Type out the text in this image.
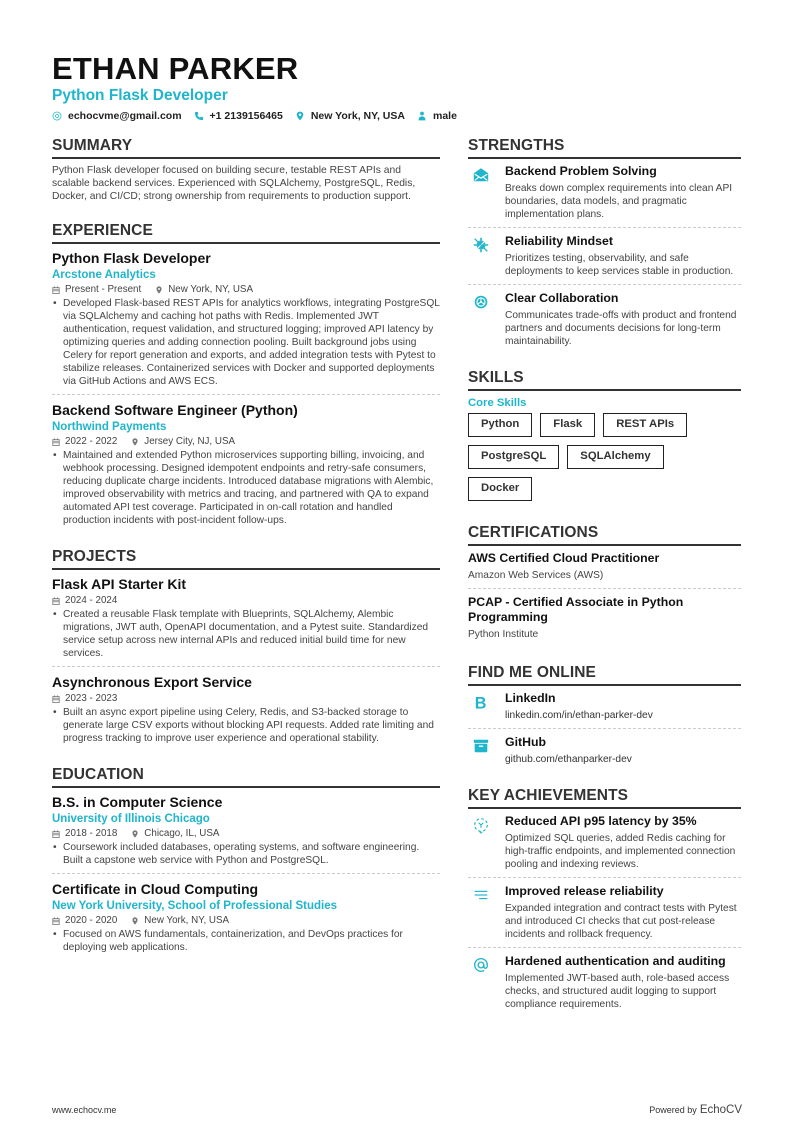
ETHAN PARKER
Python Flask Developer
echocvme@gmail.com	+1 2139156465	New York, NY, USA	male
SUMMARY
Python Flask developer focused on building secure, testable REST APIs and scalable backend services. Experienced with SQLAlchemy, PostgreSQL, Redis, Docker, and CI/CD; strong ownership from requirements to production support.
EXPERIENCE
Python Flask Developer
Arcstone Analytics
Present - Present	New York, NY, USA
• Developed Flask-based REST APIs for analytics workflows, integrating PostgreSQL via SQLAlchemy and caching hot paths with Redis. Implemented JWT authentication, request validation, and structured logging; improved API latency by optimizing queries and adding connection pooling. Built background jobs using Celery for report generation and exports, and added integration tests with Pytest to stabilize releases. Containerized services with Docker and supported deployments via GitHub Actions and AWS ECS.
Backend Software Engineer (Python)
Northwind Payments
2022 - 2022	Jersey City, NJ, USA
• Maintained and extended Python microservices supporting billing, invoicing, and webhook processing. Designed idempotent endpoints and retry-safe consumers, reducing duplicate charge incidents. Introduced database migrations with Alembic, improved observability with metrics and tracing, and partnered with QA to expand automated API test coverage. Participated in on-call rotation and handled production incidents with post-incident follow-ups.
PROJECTS
Flask API Starter Kit
2024 - 2024
• Created a reusable Flask template with Blueprints, SQLAlchemy, Alembic migrations, JWT auth, OpenAPI documentation, and a Pytest suite. Standardized service setup across new internal APIs and reduced initial build time for new services.
Asynchronous Export Service
2023 - 2023
• Built an async export pipeline using Celery, Redis, and S3-backed storage to generate large CSV exports without blocking API requests. Added rate limiting and progress tracking to improve user experience and operational stability.
EDUCATION
B.S. in Computer Science
University of Illinois Chicago
2018 - 2018	Chicago, IL, USA
• Coursework included databases, operating systems, and software engineering. Built a capstone web service with Python and PostgreSQL.
Certificate in Cloud Computing
New York University, School of Professional Studies
2020 - 2020	New York, NY, USA
• Focused on AWS fundamentals, containerization, and DevOps practices for deploying web applications.
STRENGTHS
Backend Problem Solving
Breaks down complex requirements into clean API boundaries, data models, and pragmatic implementation plans.
Reliability Mindset
Prioritizes testing, observability, and safe deployments to keep services stable in production.
Clear Collaboration
Communicates trade-offs with product and frontend partners and documents decisions for long-term maintainability.
SKILLS
Core Skills
Python	Flask	REST APIs
PostgreSQL	SQLAlchemy
Docker
CERTIFICATIONS
AWS Certified Cloud Practitioner
Amazon Web Services (AWS)
PCAP - Certified Associate in Python Programming
Python Institute
FIND ME ONLINE
B LinkedIn
linkedin.com/in/ethan-parker-dev
GitHub
github.com/ethanparker-dev
KEY ACHIEVEMENTS
Reduced API p95 latency by 35%
Optimized SQL queries, added Redis caching for high-traffic endpoints, and implemented connection pooling and indexing reviews.
Improved release reliability
Expanded integration and contract tests with Pytest and introduced CI checks that cut post-release incidents and rollback frequency.
Hardened authentication and auditing
Implemented JWT-based auth, role-based access checks, and structured audit logging to support compliance requirements.
www.echocv.me	Powered by EchoCV
